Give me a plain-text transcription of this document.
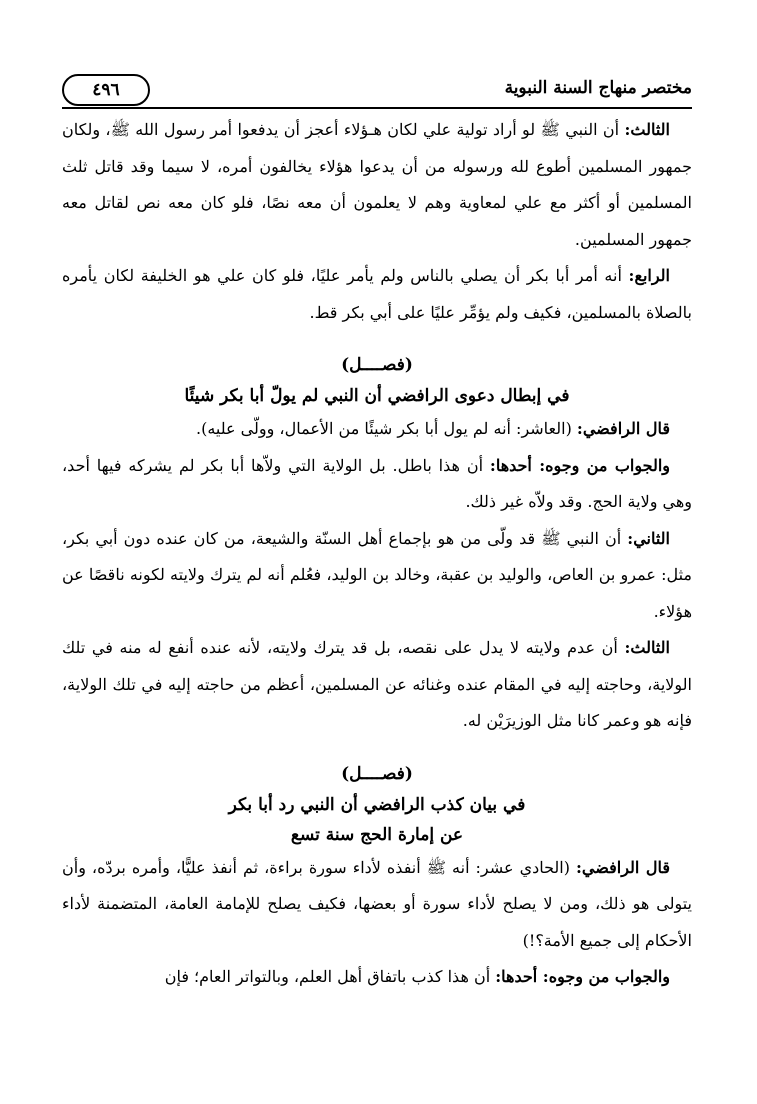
مختصر منهاج السنة النبوية
٤٩٦

الثالث: أن النبي ﷺ لو أراد تولية علي لكان هـؤلاء أعجز أن يدفعوا أمر رسول الله ﷺ، ولكان جمهور المسلمين أطوع لله ورسوله من أن يدعوا هؤلاء يخالفون أمره، لا سيما وقد قاتل ثلث المسلمين أو أكثر مع علي لمعاوية وهم لا يعلمون أن معه نصًا، فلو كان معه نص لقاتل معه جمهور المسلمين.

الرابع: أنه أمر أبا بكر أن يصلي بالناس ولم يأمر عليًا، فلو كان علي هو الخليفة لكان يأمره بالصلاة بالمسلمين، فكيف ولم يؤمِّر عليًا على أبي بكر قط.

(فصــــل)
في إبطال دعوى الرافضي أن النبي لم يولّ أبا بكر شيئًا

قال الرافضي: (العاشر: أنه لم يول أبا بكر شيئًا من الأعمال، وولّى عليه).

والجواب من وجوه: أحدها: أن هذا باطل. بل الولاية التي ولاّها أبا بكر لم يشركه فيها أحد، وهي ولاية الحج. وقد ولاّه غير ذلك.

الثاني: أن النبي ﷺ قد ولّى من هو بإجماع أهل السنّة والشيعة، من كان عنده دون أبي بكر، مثل: عمرو بن العاص، والوليد بن عقبة، وخالد بن الوليد، فعُلم أنه لم يترك ولايته لكونه ناقصًا عن هؤلاء.

الثالث: أن عدم ولايته لا يدل على نقصه، بل قد يترك ولايته، لأنه عنده أنفع له منه في تلك الولاية، وحاجته إليه في المقام عنده وغنائه عن المسلمين، أعظم من حاجته إليه في تلك الولاية، فإنه هو وعمر كانا مثل الوزيرَيْن له.

(فصــــل)
في بيان كذب الرافضي أن النبي رد أبا بكر
عن إمارة الحج سنة تسع

قال الرافضي: (الحادي عشر: أنه ﷺ أنفذه لأداء سورة براءة، ثم أنفذ عليًّا، وأمره بردّه، وأن يتولى هو ذلك، ومن لا يصلح لأداء سورة أو بعضها، فكيف يصلح للإمامة العامة، المتضمنة لأداء الأحكام إلى جميع الأمة؟!)

والجواب من وجوه: أحدها: أن هذا كذب باتفاق أهل العلم، وبالتواتر العام؛ فإن
